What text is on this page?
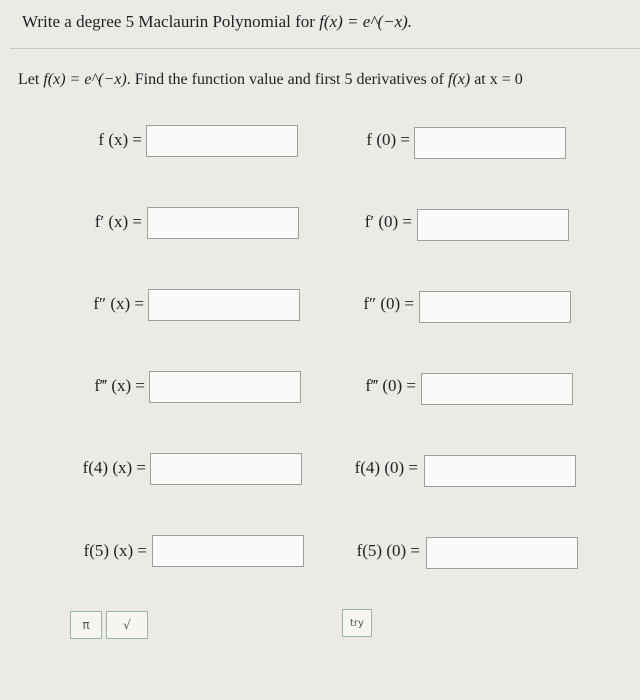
Write a degree 5 Maclaurin Polynomial for f(x) = e^(−x).
Let f(x) = e^(−x). Find the function value and first 5 derivatives of f(x) at x = 0
f (x) =	f (0) =
f′ (x) =	f′ (0) =
f″ (x) =	f″ (0) =
f‴ (x) =	f‴ (0) =
f(4) (x) =	f(4) (0) =
f(5) (x) =	f(5) (0) =
π	√	try
